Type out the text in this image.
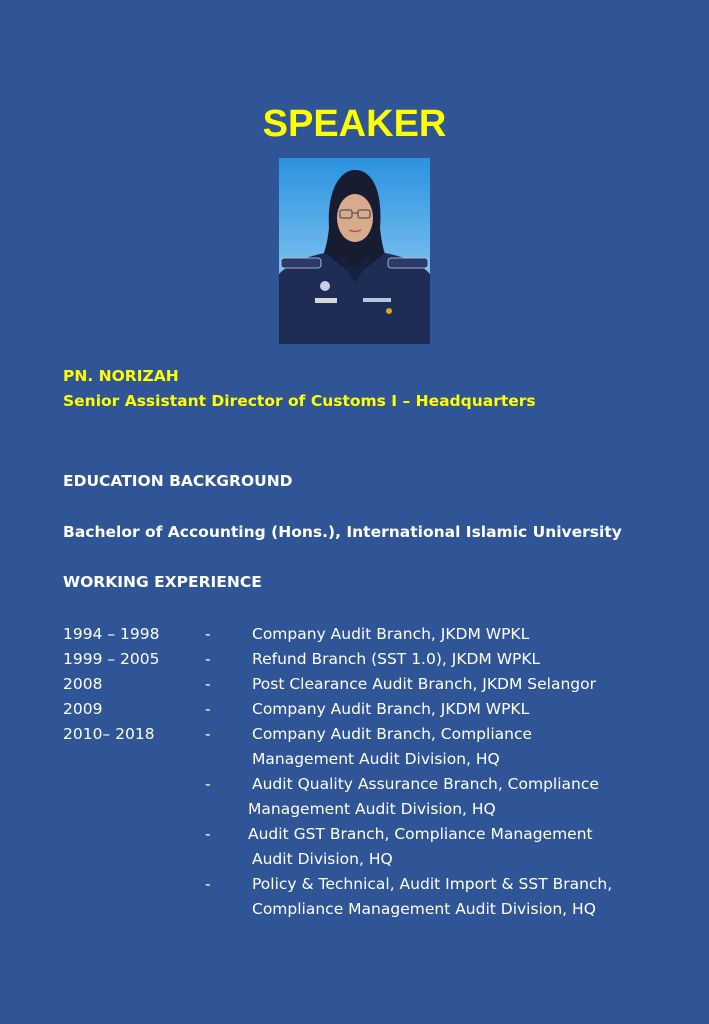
SPEAKER
PN. NORIZAH
Senior Assistant Director of Customs I – Headquarters
EDUCATION BACKGROUND
Bachelor of Accounting (Hons.), International Islamic University
WORKING EXPERIENCE
1994 – 1998	-	Company Audit Branch, JKDM WPKL
1999 – 2005	-	Refund Branch (SST 1.0), JKDM WPKL
2008	-	Post Clearance Audit Branch, JKDM Selangor
2009	-	Company Audit Branch, JKDM WPKL
2010– 2018	-	Company Audit Branch, Compliance
Management Audit Division, HQ
-	Audit Quality Assurance Branch, Compliance
Management Audit Division, HQ
- Audit GST Branch, Compliance Management
Audit Division, HQ
-	Policy & Technical, Audit Import & SST Branch,
Compliance Management Audit Division, HQ
